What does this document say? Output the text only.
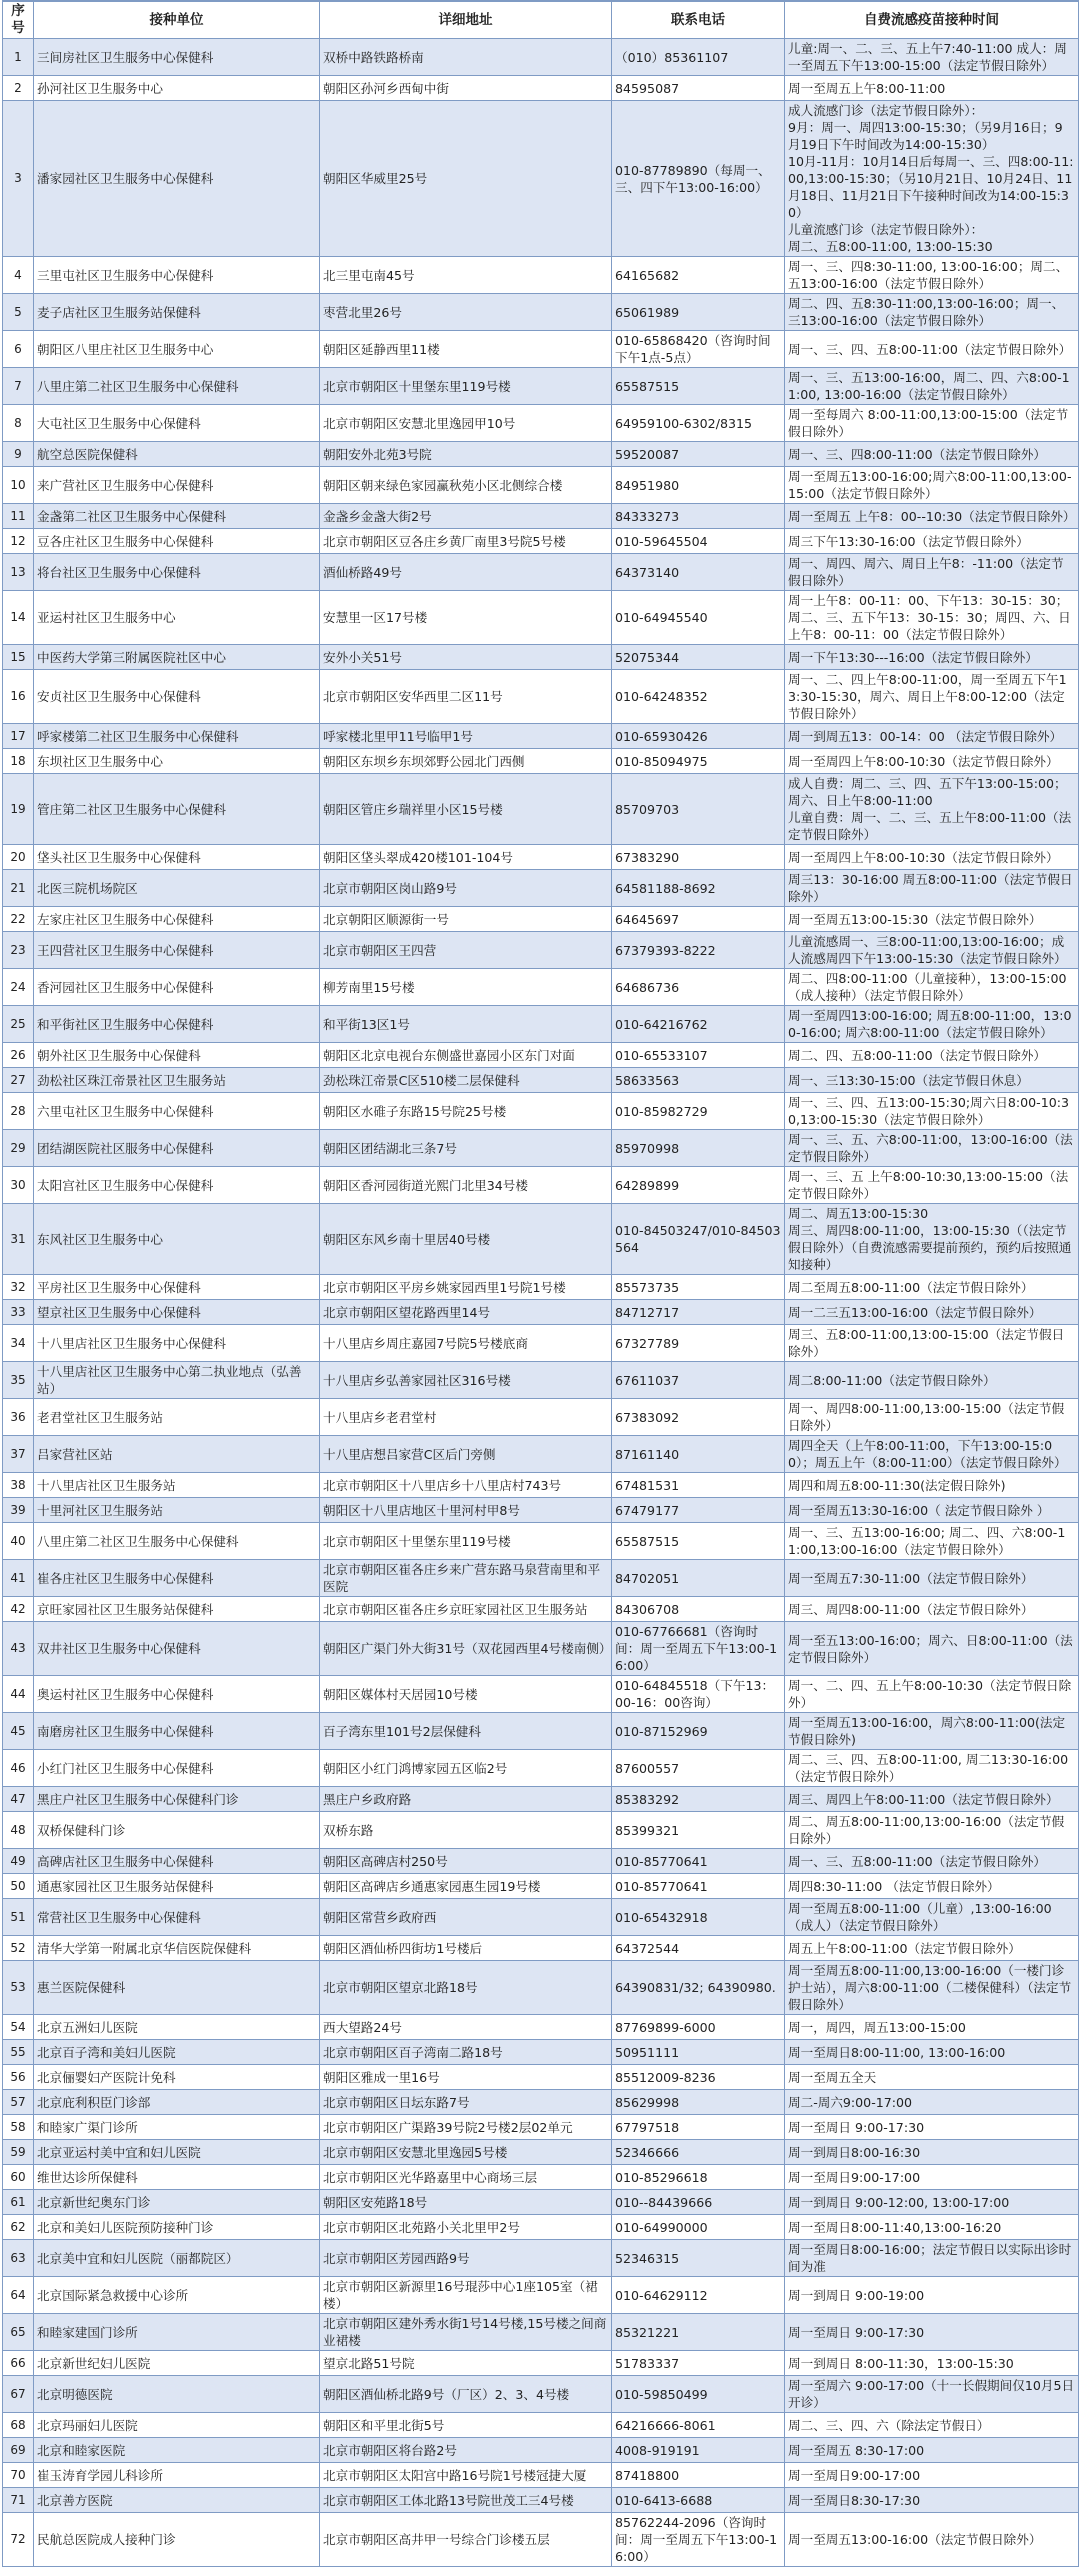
序号	接种单位	详细地址	联系电话	自费流感疫苗接种时间
1	三间房社区卫生服务中心保健科	双桥中路铁路桥南	（010）85361107	儿童:周一、二、三、五上午7:40-11:00 成人：周一至周五下午13:00-15:00（法定节假日除外）
2	孙河社区卫生服务中心	朝阳区孙河乡西甸中街	84595087	周一至周五上午8:00-11:00
3	潘家园社区卫生服务中心保健科	朝阳区华威里25号	010-87789890（每周一、三、四下午13:00-16:00）	成人流感门诊（法定节假日除外）：
9月：周一、周四13:00-15:30；（另9月16日；9月19日下午时间改为14:00-15:30）
10月-11月：10月14日后每周一、三、四8:00-11:00,13:00-15:30；（另10月21日、10月24日、11月18日、11月21日下午接种时间改为14:00-15:30）
儿童流感门诊（法定节假日除外）：
周二、五8:00-11:00, 13:00-15:30
4	三里屯社区卫生服务中心保健科	北三里屯南45号	64165682	周一、三、四8:30-11:00, 13:00-16:00；周二、五13:00-16:00（法定节假日除外）
5	麦子店社区卫生服务站保健科	枣营北里26号	65061989	周二、四、五8:30-11:00,13:00-16:00；周一、三13:00-16:00（法定节假日除外）
6	朝阳区八里庄社区卫生服务中心	朝阳区延静西里11楼	010-65868420（咨询时间下午1点-5点）	周一、三、四、五8:00-11:00（法定节假日除外）
7	八里庄第二社区卫生服务中心保健科	北京市朝阳区十里堡东里119号楼	65587515	周一、三、五13:00-16:00，周二、四、六8:00-11:00, 13:00-16:00（法定节假日除外）
8	大屯社区卫生服务中心保健科	北京市朝阳区安慧北里逸园甲10号	64959100-6302/8315	周一至每周六 8:00-11:00,13:00-15:00（法定节假日除外）
9	航空总医院保健科	朝阳安外北苑3号院	59520087	周一、三、四8:00-11:00（法定节假日除外）
10	来广营社区卫生服务中心保健科	朝阳区朝来绿色家园赢秋苑小区北侧综合楼	84951980	周一至周五13:00-16:00;周六8:00-11:00,13:00-15:00（法定节假日除外）
11	金盏第二社区卫生服务中心保健科	金盏乡金盏大街2号	84333273	周一至周五 上午8：00--10:30（法定节假日除外）
12	豆各庄社区卫生服务中心保健科	北京市朝阳区豆各庄乡黄厂南里3号院5号楼	010-59645504	周三下午13:30-16:00（法定节假日除外）
13	将台社区卫生服务中心保健科	酒仙桥路49号	64373140	周一、周四、周六、周日上午8：-11:00（法定节假日除外）
14	亚运村社区卫生服务中心	安慧里一区17号楼	010-64945540	周一上午8：00-11：00、下午13：30-15：30；周二、三、五下午13：30-15：30；周四、六、日上午8：00-11：00（法定节假日除外）
15	中医药大学第三附属医院社区中心	安外小关51号	52075344	周一下午13:30---16:00（法定节假日除外）
16	安贞社区卫生服务中心保健科	北京市朝阳区安华西里二区11号	010-64248352	周一、二、四上午8:00-11:00，周一至周五下午13:30-15:30，周六、周日上午8:00-12:00（法定节假日除外）
17	呼家楼第二社区卫生服务中心保健科	呼家楼北里甲11号临甲1号	010-65930426	周一到周五13：00-14：00 （法定节假日除外）
18	东坝社区卫生服务中心	朝阳区东坝乡东坝郊野公园北门西侧	010-85094975	周一至周四上午8:00-10:30（法定节假日除外）
19	管庄第二社区卫生服务中心保健科	朝阳区管庄乡瑞祥里小区15号楼	85709703	成人自费：周二、三、四、五下午13:00-15:00；周六、日上午8:00-11:00
儿童自费：周一、二、三、五上午8:00-11:00（法定节假日除外）
20	垡头社区卫生服务中心保健科	朝阳区垡头翠成420楼101-104号	67383290	周一至周四上午8:00-10:30（法定节假日除外）
21	北医三院机场院区	北京市朝阳区岗山路9号	64581188-8692	周三13：30-16:00 周五8:00-11:00（法定节假日除外）
22	左家庄社区卫生服务中心保健科	北京朝阳区顺源街一号	64645697	周一至周五13:00-15:30（法定节假日除外）
23	王四营社区卫生服务中心保健科	北京市朝阳区王四营	67379393-8222	儿童流感周一、三8:00-11:00,13:00-16:00；成人流感周四下午13:00-15:30（法定节假日除外）
24	香河园社区卫生服务中心保健科	柳芳南里15号楼	64686736	周二、四8:00-11:00（儿童接种），13:00-15:00（成人接种）（法定节假日除外）
25	和平街社区卫生服务中心保健科	和平街13区1号	010-64216762	周一至周四13:00-16:00; 周五8:00-11:00，13:00-16:00; 周六8:00-11:00（法定节假日除外）
26	朝外社区卫生服务中心保健科	朝阳区北京电视台东侧盛世嘉园小区东门对面	010-65533107	周二、四、五8:00-11:00（法定节假日除外）
27	劲松社区珠江帝景社区卫生服务站	劲松珠江帝景C区510楼二层保健科	58633563	周一、三13:30-15:00（法定节假日休息）
28	六里屯社区卫生服务中心保健科	朝阳区水碓子东路15号院25号楼	010-85982729	周一、三、四、五13:00-15:30;周六日8:00-10:30,13:00-15:30（法定节假日除外）
29	团结湖医院社区服务中心保健科	朝阳区团结湖北三条7号	85970998	周一、三、五、六8:00-11:00，13:00-16:00（法定节假日除外）
30	太阳宫社区卫生服务中心保健科	朝阳区香河园街道光熙门北里34号楼	64289899	周一、三、五 上午8:00-10:30,13:00-15:00（法定节假日除外）
31	东风社区卫生服务中心	朝阳区东风乡南十里居40号楼	010-84503247/010-84503564	周二、周五13:00-15:30
周三、周四8:00-11:00，13:00-15:30（（法定节假日除外）（自费流感需要提前预约，预约后按照通知接种）
32	平房社区卫生服务中心保健科	北京市朝阳区平房乡姚家园西里1号院1号楼	85573735	周二至周五8:00-11:00（法定节假日除外）
33	望京社区卫生服务中心保健科	北京市朝阳区望花路西里14号	84712717	周一二三五13:00-16:00（法定节假日除外）
34	十八里店社区卫生服务中心保健科	十八里店乡周庄嘉园7号院5号楼底商	67327789	周三、五8:00-11:00,13:00-15:00（法定节假日除外）
35	十八里店社区卫生服务中心第二执业地点（弘善站）	十八里店乡弘善家园社区316号楼	67611037	周二8:00-11:00（法定节假日除外）
36	老君堂社区卫生服务站	十八里店乡老君堂村	67383092	周一、周四8:00-11:00,13:00-15:00（法定节假日除外）
37	吕家营社区站	十八里店想吕家营C区后门旁侧	87161140	周四全天（上午8:00-11:00，下午13:00-15:00）；周五上午（8:00-11:00）（法定节假日除外）
38	十八里店社区卫生服务站	北京市朝阳区十八里店乡十八里店村743号	67481531	周四和周五8:00-11:30(法定假日除外)
39	十里河社区卫生服务站	朝阳区十八里店地区十里河村甲8号	67479177	周一至周五13:30-16:00（ 法定节假日除外 ）
40	八里庄第二社区卫生服务中心保健科	北京市朝阳区十里堡东里119号楼	65587515	周一、三、五13:00-16:00; 周二、四、六8:00-11:00,13:00-16:00（法定节假日除外）
41	崔各庄社区卫生服务中心保健科	北京市朝阳区崔各庄乡来广营东路马泉营南里和平医院	84702051	周一至周五7:30-11:00（法定节假日除外）
42	京旺家园社区卫生服务站保健科	北京市朝阳区崔各庄乡京旺家园社区卫生服务站	84306708	周三、周四8:00-11:00（法定节假日除外）
43	双井社区卫生服务中心保健科	朝阳区广渠门外大街31号（双花园西里4号楼南侧）	010-67766681（咨询时间：周一至周五下午13:00-16:00）	周一至五13:00-16:00；周六、日8:00-11:00（法定节假日除外）
44	奥运村社区卫生服务中心保健科	朝阳区媒体村天居园10号楼	010-64845518（下午13：00-16：00咨询）	周一、二、四、五上午8:00-10:30（法定节假日除外）
45	南磨房社区卫生服务中心保健科	百子湾东里101号2层保健科	010-87152969	周一至周五13:00-16:00，周六8:00-11:00(法定节假日除外)
46	小红门社区卫生服务中心保健科	朝阳区小红门鸿博家园五区临2号	87600557	周二、三、四、五8:00-11:00, 周二13:30-16:00（法定节假日除外）
47	黑庄户社区卫生服务中心保健科门诊	黑庄户乡政府路	85383292	周三、周四上午8:00-11:00（法定节假日除外）
48	双桥保健科门诊	双桥东路	85399321	周二、周五8:00-11:00,13:00-16:00（法定节假日除外）
49	高碑店社区卫生服务中心保健科	朝阳区高碑店村250号	010-85770641	周一、三、五8:00-11:00（法定节假日除外）
50	通惠家园社区卫生服务站保健科	朝阳区高碑店乡通惠家园惠生园19号楼	010-85770641	周四8:30-11:00 （法定节假日除外）
51	常营社区卫生服务中心保健科	朝阳区常营乡政府西	010-65432918	周一至周五8:00-11:00（儿童）,13:00-16:00（成人）（法定节假日除外）
52	清华大学第一附属北京华信医院保健科	朝阳区酒仙桥四街坊1号楼后	64372544	周五上午8:00-11:00（法定节假日除外）
53	惠兰医院保健科	北京市朝阳区望京北路18号	64390831/32; 64390980.	周一至周五8:00-11:00,13:00-16:00（一楼门诊护士站），周六8:00-11:00（二楼保健科）（法定节假日除外）
54	北京五洲妇儿医院	西大望路24号	87769899-6000	周一，周四，周五13:00-15:00
55	北京百子湾和美妇儿医院	北京市朝阳区百子湾南二路18号	50951111	周一至周日8:00-11:00, 13:00-16:00
56	北京俪婴妇产医院计免科	朝阳区雅成一里16号	85512009-8236	周一至周五全天
57	北京庇利积臣门诊部	北京市朝阳区日坛东路7号	85629998	周二-周六9:00-17:00
58	和睦家广渠门诊所	北京市朝阳区广渠路39号院2号楼2层02单元	67797518	周一至周日 9:00-17:30
59	北京亚运村美中宜和妇儿医院	北京市朝阳区安慧北里逸园5号楼	52346666	周一到周日8:00-16:30
60	维世达诊所保健科	北京市朝阳区光华路嘉里中心商场三层	010-85296618	周一至周日9:00-17:00
61	北京新世纪奥东门诊	朝阳区安苑路18号	010--84439666	周一到周日 9:00-12:00, 13:00-17:00
62	北京和美妇儿医院预防接种门诊	北京市朝阳区北苑路小关北里甲2号	010-64990000	周一至周日8:00-11:40,13:00-16:20
63	北京美中宜和妇儿医院（丽都院区）	北京市朝阳区芳园西路9号	52346315	周一至周日8:00-16:00；法定节假日以实际出诊时间为准
64	北京国际紧急救援中心诊所	北京市朝阳区新源里16号琨莎中心1座105室（裙楼）	010-64629112	周一到周日 9:00-19:00
65	和睦家建国门诊所	北京市朝阳区建外秀水街1号14号楼,15号楼之间商业裙楼	85321221	周一至周日 9:00-17:30
66	北京新世纪妇儿医院	望京北路51号院	51783337	周一到周日 8:00-11:30，13:00-15:30
67	北京明德医院	朝阳区酒仙桥北路9号（厂区）2、3、4号楼	010-59850499	周一至周六 9:00-17:00（十一长假期间仅10月5日开诊）
68	北京玛丽妇儿医院	朝阳区和平里北街5号	64216666-8061	周二、三、四、六（除法定节假日）
69	北京和睦家医院	北京市朝阳区将台路2号	4008-919191	周一至周五 8:30-17:00
70	崔玉涛育学园儿科诊所	北京市朝阳区太阳宫中路16号院1号楼冠捷大厦	87418800	周一至周日9:00-17:00
71	北京善方医院	北京市朝阳区工体北路13号院世茂工三4号楼	010-6413-6688	周一至周日8:30-17:30
72	民航总医院成人接种门诊	北京市朝阳区高井甲一号综合门诊楼五层	85762244-2096（咨询时间：周一至周五下午13:00-16:00）	周一至周五13:00-16:00（法定节假日除外）
